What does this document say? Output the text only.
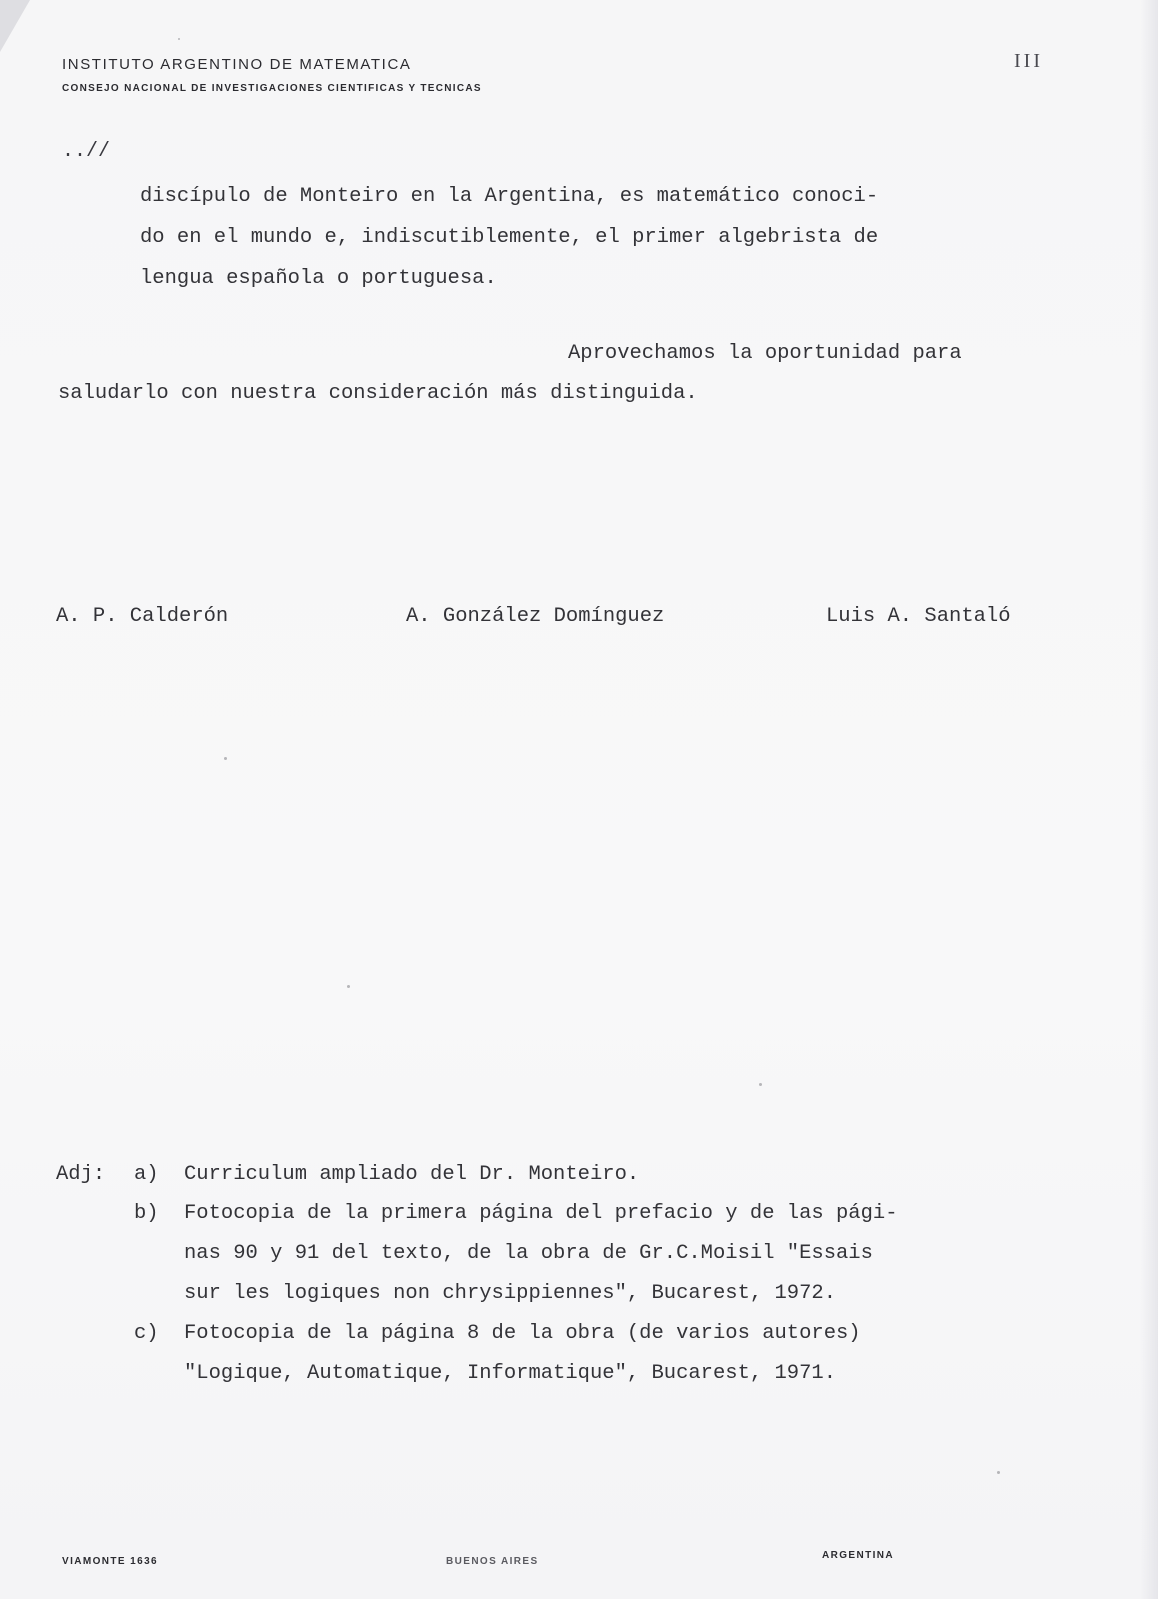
INSTITUTO ARGENTINO DE MATEMATICA
CONSEJO NACIONAL DE INVESTIGACIONES CIENTIFICAS Y TECNICAS
III
..//
discípulo de Monteiro en la Argentina, es matemático conoci-
do en el mundo e, indiscutiblemente, el primer algebrista de
lengua española o portuguesa.
Aprovechamos la oportunidad para
saludarlo con nuestra consideración más distinguida.
A. P. Calderón	A. González Domínguez	Luis A. Santaló
Adj: a) Curriculum ampliado del Dr. Monteiro.
b) Fotocopia de la primera página del prefacio y de las pági-
nas 90 y 91 del texto, de la obra de Gr.C.Moisil "Essais
sur les logiques non chrysippiennes", Bucarest, 1972.
c) Fotocopia de la página 8 de la obra (de varios autores)
"Logique, Automatique, Informatique", Bucarest, 1971.
VIAMONTE 1636	BUENOS AIRES
ARGENTINA
